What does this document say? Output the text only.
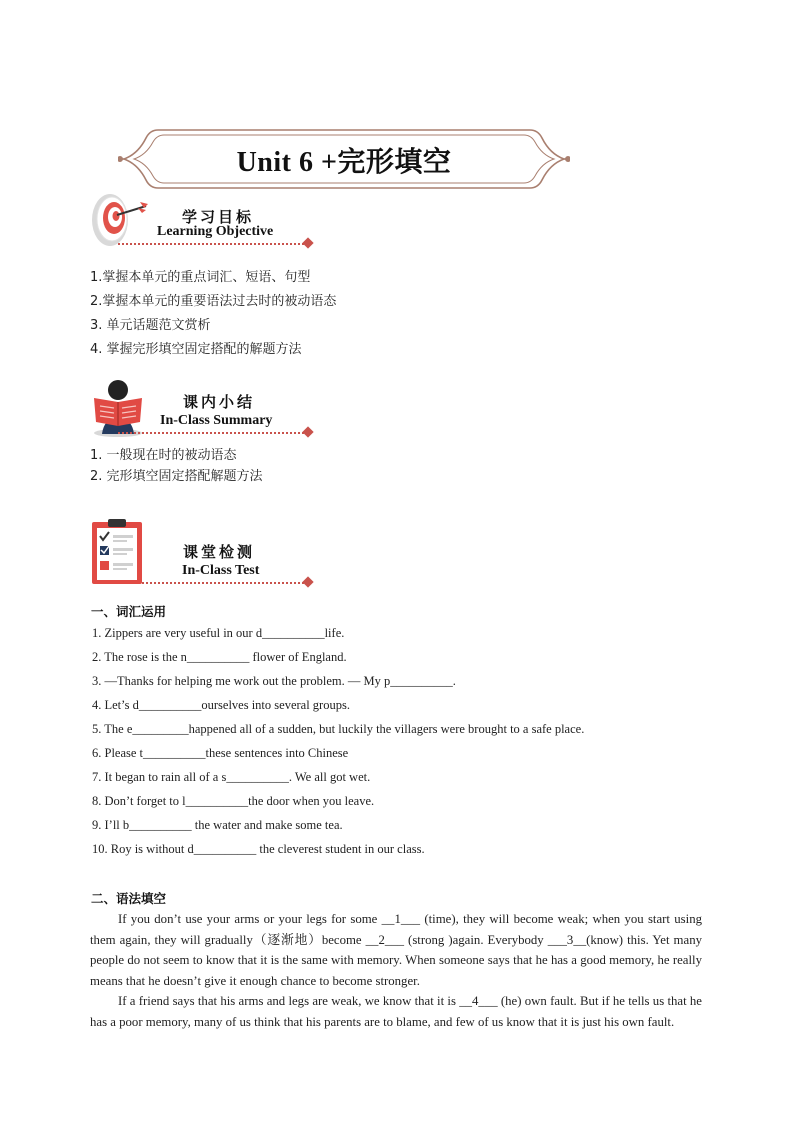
Unit 6 +完形填空
学习目标
Learning Objective
1.掌握本单元的重点词汇、短语、句型
2.掌握本单元的重要语法过去时的被动语态
3. 单元话题范文赏析
4. 掌握完形填空固定搭配的解题方法
课内小结
In-Class Summary
1. 一般现在时的被动语态
2. 完形填空固定搭配解题方法
课堂检测
In-Class Test
一、词汇运用
1. Zippers are very useful in our d__________life.
2. The rose is the n__________ flower of England.
3. —Thanks for helping me work out the problem. — My p__________.
4. Let’s d__________ourselves into several groups.
5. The e_________happened all of a sudden, but luckily the villagers were brought to a safe place.
6. Please t__________these sentences into Chinese
7. It began to rain all of a s__________. We all got wet.
8. Don’t forget to l__________the door when you leave.
9. I’ll b__________ the water and make some tea.
10. Roy is without d__________ the cleverest student in our class.
二、语法填空

If you don’t use your arms or your legs for some __1___ (time), they will become weak; when you start using them again, they will gradually（逐渐地）become __2___ (strong )again. Everybody ___3__(know) this. Yet many people do not seem to know that it is the same with memory. When someone says that he has a good memory, he really means that he doesn’t give it enough chance to become stronger.

If a friend says that his arms and legs are weak, we know that it is __4___ (he) own fault. But if he tells us that he has a poor memory, many of us think that his parents are to blame, and few of us know that it is just his own fault.
